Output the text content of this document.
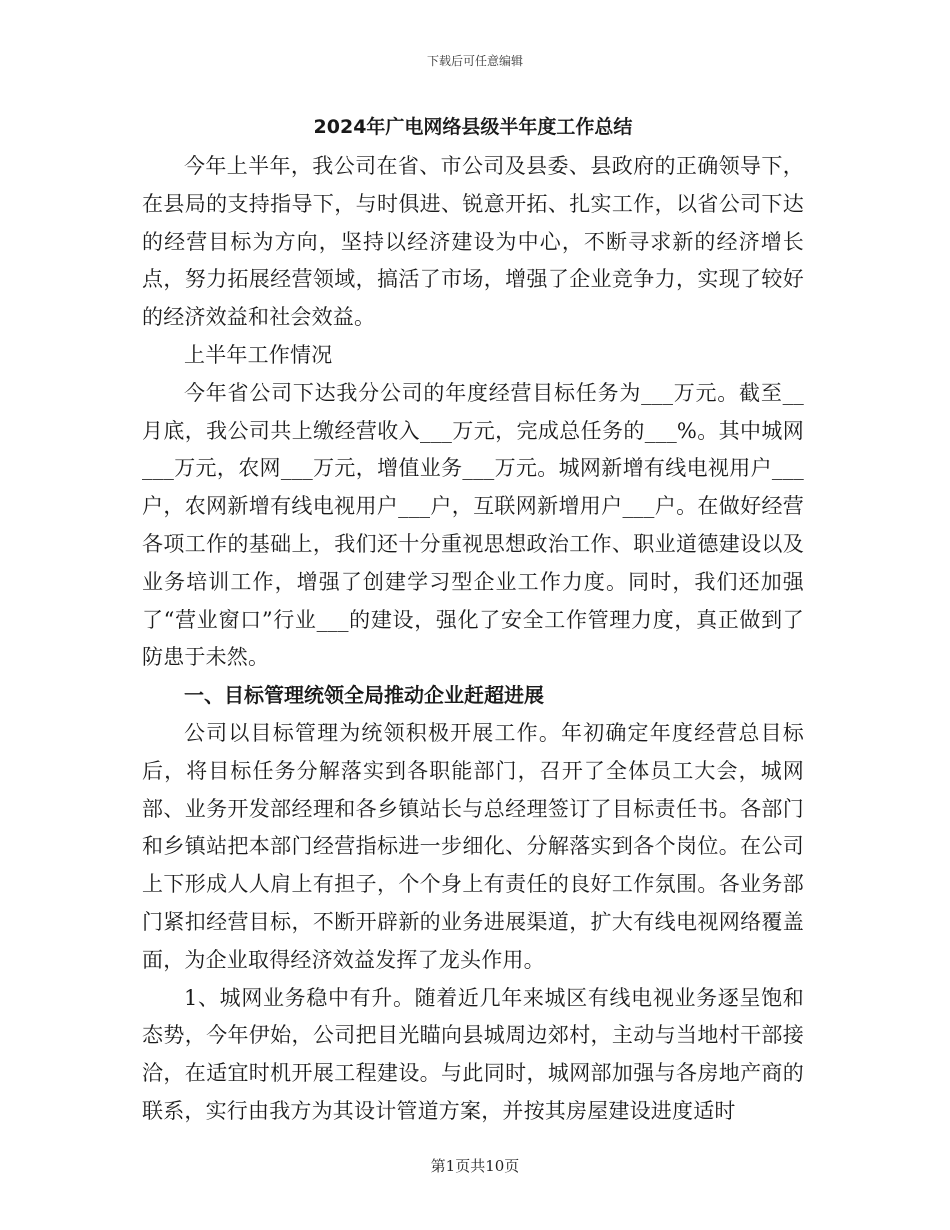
下载后可任意编辑
2024年广电网络县级半年度工作总结

今年上半年，我公司在省、市公司及县委、县政府的正确领导下，在县局的支持指导下，与时俱进、锐意开拓、扎实工作，以省公司下达的经营目标为方向，坚持以经济建设为中心，不断寻求新的经济增长点，努力拓展经营领域，搞活了市场，增强了企业竞争力，实现了较好的经济效益和社会效益。

上半年工作情况

今年省公司下达我分公司的年度经营目标任务为___万元。截至__月底，我公司共上缴经营收入___万元，完成总任务的___%。其中城网___万元，农网___万元，增值业务___万元。城网新增有线电视用户___户，农网新增有线电视用户___户，互联网新增用户___户。在做好经营各项工作的基础上，我们还十分重视思想政治工作、职业道德建设以及业务培训工作，增强了创建学习型企业工作力度。同时，我们还加强了“营业窗口”行业___的建设，强化了安全工作管理力度，真正做到了防患于未然。

一、目标管理统领全局推动企业赶超进展

公司以目标管理为统领积极开展工作。年初确定年度经营总目标后，将目标任务分解落实到各职能部门，召开了全体员工大会，城网部、业务开发部经理和各乡镇站长与总经理签订了目标责任书。各部门和乡镇站把本部门经营指标进一步细化、分解落实到各个岗位。在公司上下形成人人肩上有担子，个个身上有责任的良好工作氛围。各业务部门紧扣经营目标，不断开辟新的业务进展渠道，扩大有线电视网络覆盖面，为企业取得经济效益发挥了龙头作用。

1、城网业务稳中有升。随着近几年来城区有线电视业务逐呈饱和态势，今年伊始，公司把目光瞄向县城周边郊村，主动与当地村干部接洽，在适宜时机开展工程建设。与此同时，城网部加强与各房地产商的联系，实行由我方为其设计管道方案，并按其房屋建设进度适时

第1页共10页
